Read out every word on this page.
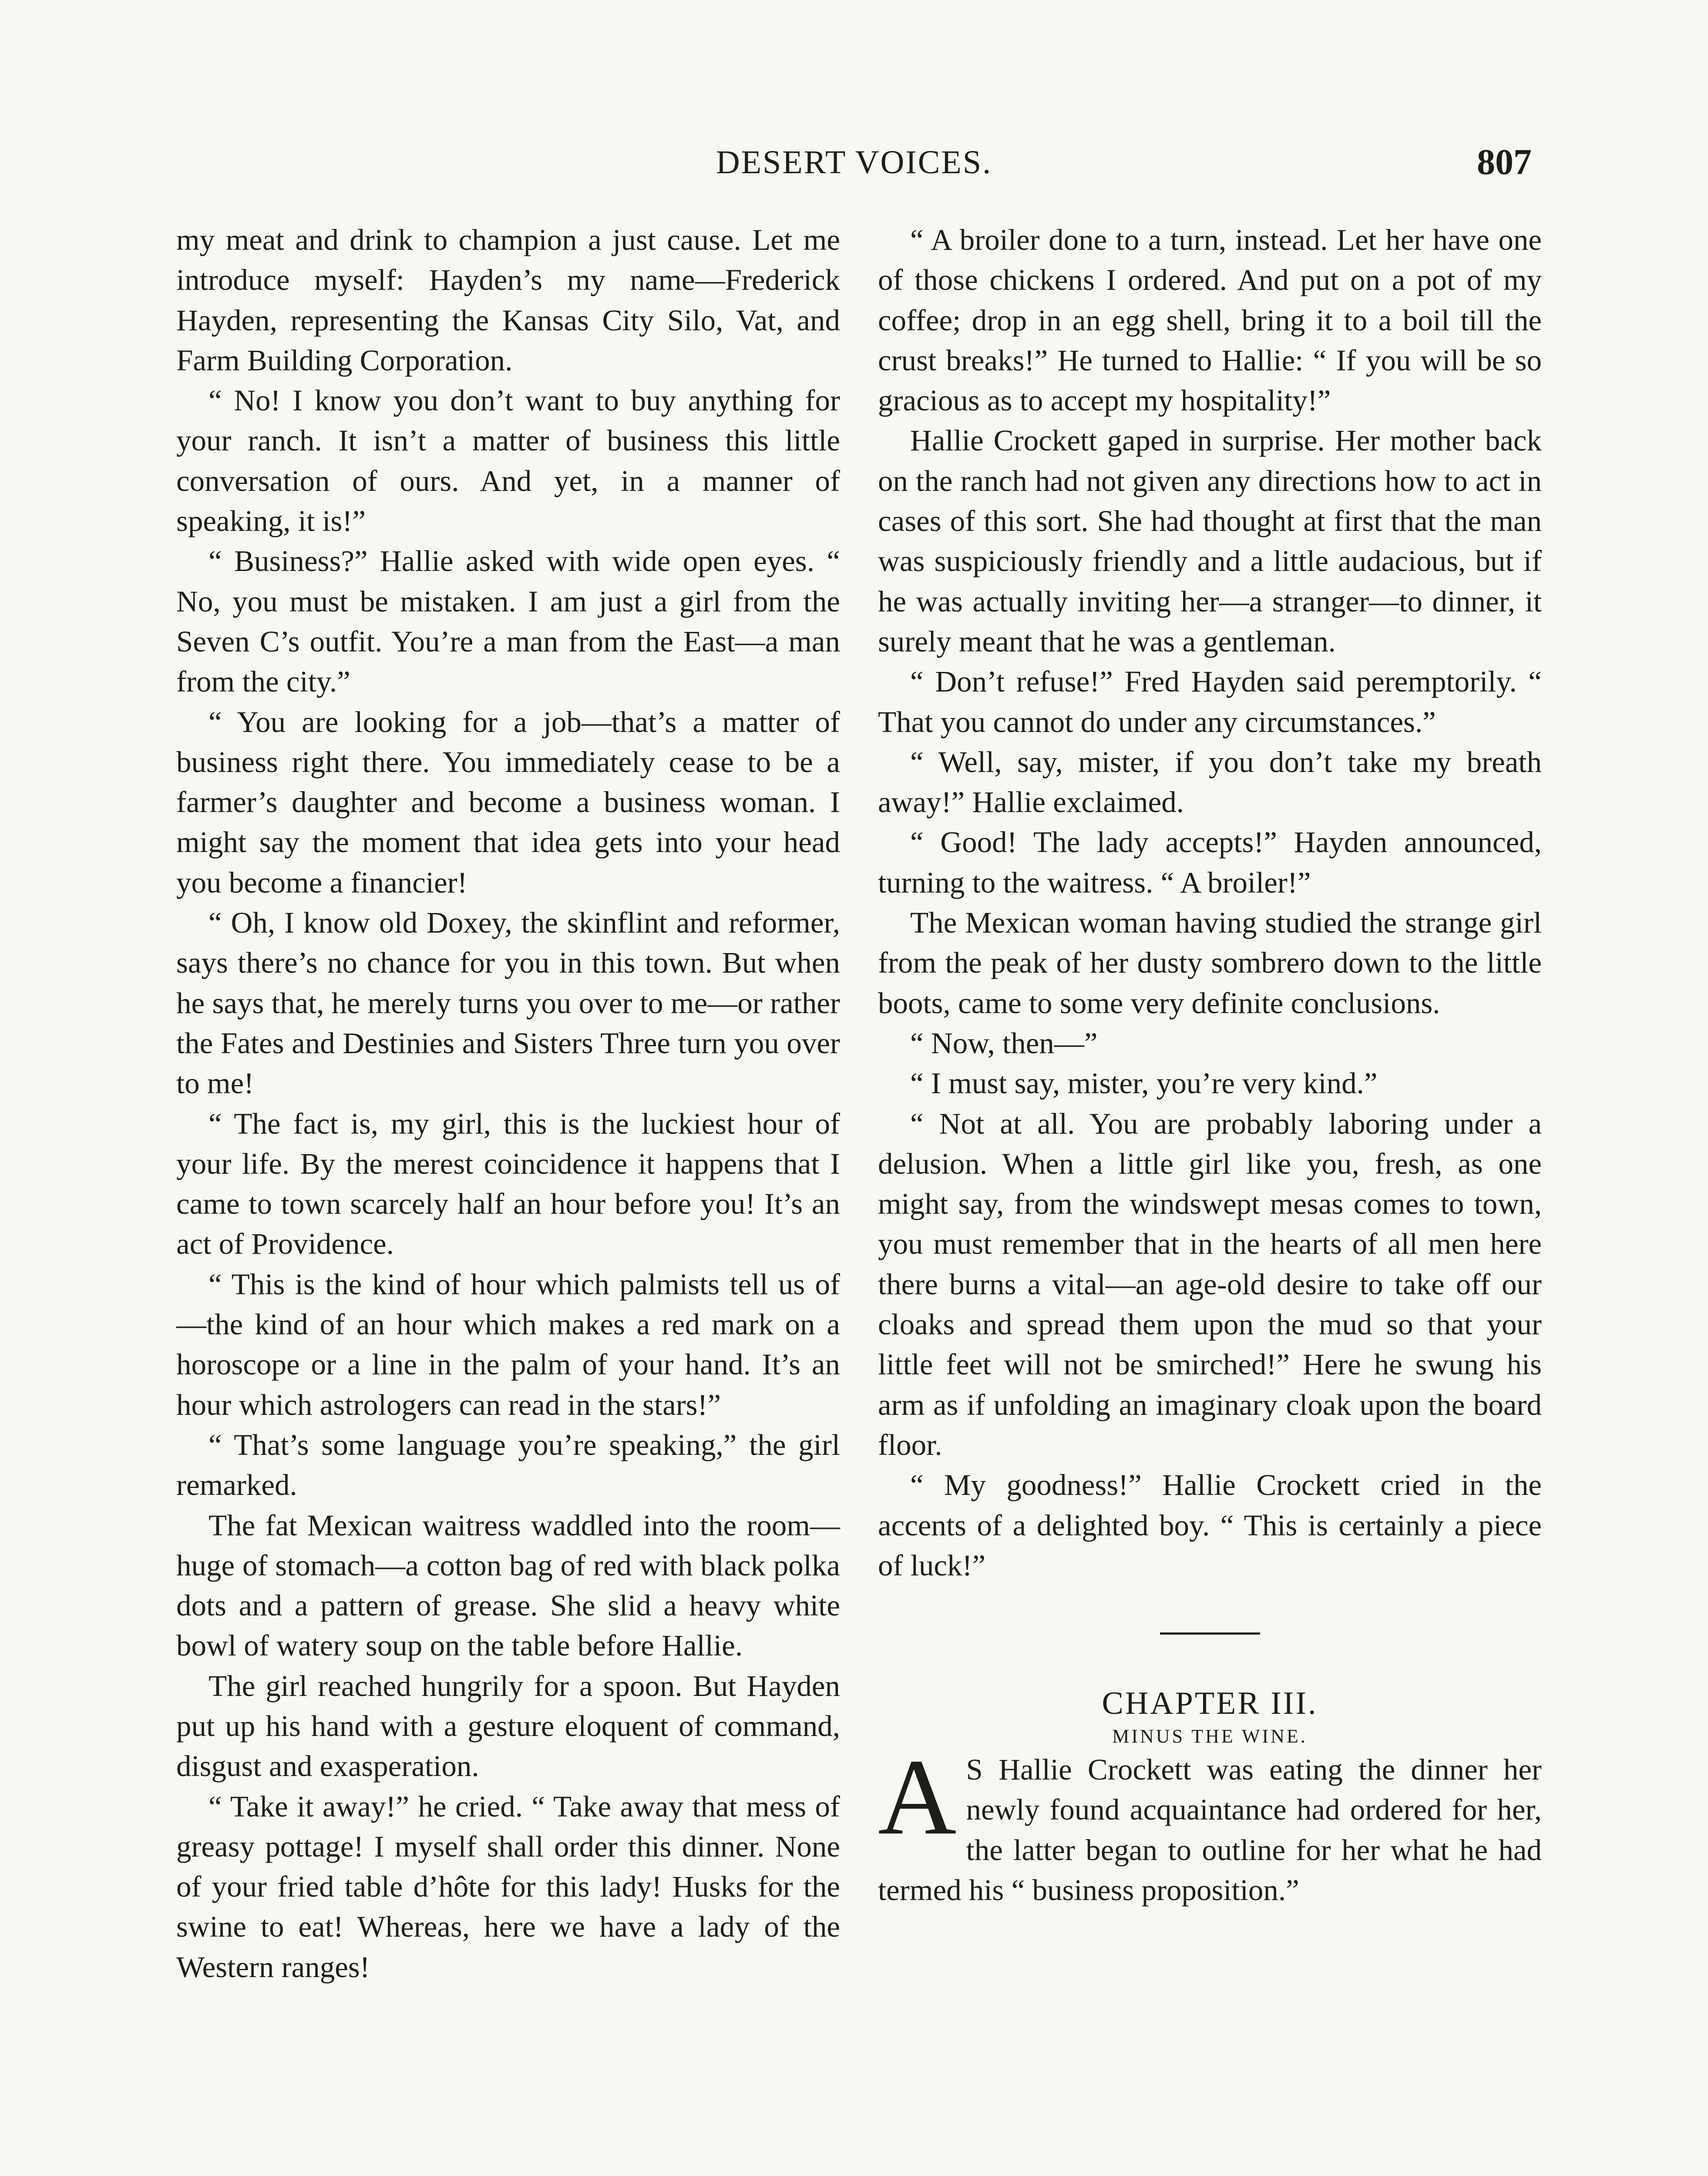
DESERT VOICES.	807

my meat and drink to champion a just cause. Let me introduce myself: Hayden’s my name—Frederick Hayden, representing the Kansas City Silo, Vat, and Farm Building Corporation.

“ No! I know you don’t want to buy anything for your ranch. It isn’t a matter of business this little conversation of ours. And yet, in a manner of speaking, it is!”

“ Business?” Hallie asked with wide open eyes. “ No, you must be mistaken. I am just a girl from the Seven C’s outfit. You’re a man from the East—a man from the city.”

“ You are looking for a job—that’s a matter of business right there. You immediately cease to be a farmer’s daughter and become a business woman. I might say the moment that idea gets into your head you become a financier!

“ Oh, I know old Doxey, the skinflint and reformer, says there’s no chance for you in this town. But when he says that, he merely turns you over to me—or rather the Fates and Destinies and Sisters Three turn you over to me!

“ The fact is, my girl, this is the luckiest hour of your life. By the merest coincidence it happens that I came to town scarcely half an hour before you! It’s an act of Providence.

“ This is the kind of hour which palmists tell us of—the kind of an hour which makes a red mark on a horoscope or a line in the palm of your hand. It’s an hour which astrologers can read in the stars!”

“ That’s some language you’re speaking,” the girl remarked.

The fat Mexican waitress waddled into the room—huge of stomach—a cotton bag of red with black polka dots and a pattern of grease. She slid a heavy white bowl of watery soup on the table before Hallie.

The girl reached hungrily for a spoon. But Hayden put up his hand with a gesture eloquent of command, disgust and exasperation.

“ Take it away!” he cried. “ Take away that mess of greasy pottage! I myself shall order this dinner. None of your fried table d’hôte for this lady! Husks for the swine to eat! Whereas, here we have a lady of the Western ranges!

“ A broiler done to a turn, instead. Let her have one of those chickens I ordered. And put on a pot of my coffee; drop in an egg shell, bring it to a boil till the crust breaks!” He turned to Hallie: “ If you will be so gracious as to accept my hospitality!”

Hallie Crockett gaped in surprise. Her mother back on the ranch had not given any directions how to act in cases of this sort. She had thought at first that the man was suspiciously friendly and a little audacious, but if he was actually inviting her—a stranger—to dinner, it surely meant that he was a gentleman.

“ Don’t refuse!” Fred Hayden said peremptorily. “ That you cannot do under any circumstances.”

“ Well, say, mister, if you don’t take my breath away!” Hallie exclaimed.

“ Good! The lady accepts!” Hayden announced, turning to the waitress. “ A broiler!”

The Mexican woman having studied the strange girl from the peak of her dusty sombrero down to the little boots, came to some very definite conclusions.

“ Now, then—”

“ I must say, mister, you’re very kind.”

“ Not at all. You are probably laboring under a delusion. When a little girl like you, fresh, as one might say, from the windswept mesas comes to town, you must remember that in the hearts of all men here there burns a vital—an age-old desire to take off our cloaks and spread them upon the mud so that your little feet will not be smirched!” Here he swung his arm as if unfolding an imaginary cloak upon the board floor.

“ My goodness!” Hallie Crockett cried in the accents of a delighted boy. “ This is certainly a piece of luck!”

CHAPTER III.

MINUS THE WINE.

A S Hallie Crockett was eating the dinner her newly found acquaintance had ordered for her, the latter began to outline for her what he had termed his “ business proposition.”
